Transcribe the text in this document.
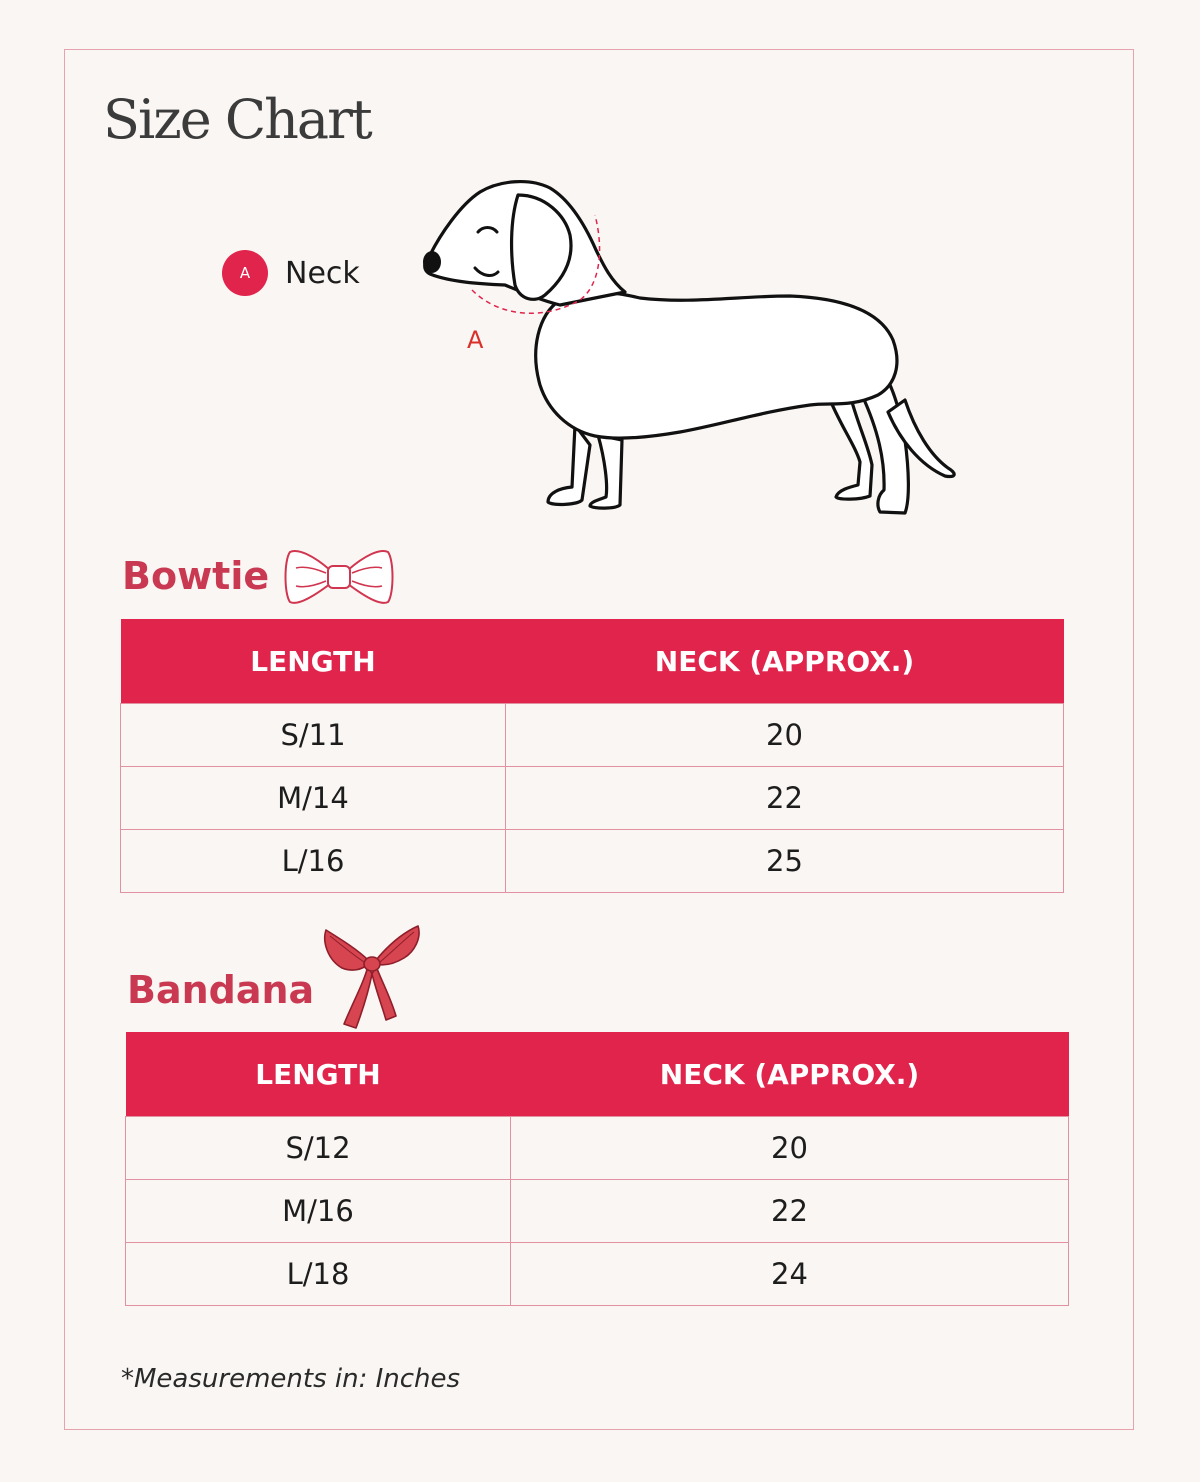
Size Chart
A	Neck
A
Bowtie
LENGTH	NECK (APPROX.)
S/11	20
M/14	22
L/16	25
Bandana
LENGTH	NECK (APPROX.)
S/12	20
M/16	22
L/18	24

*Measurements in: Inches
